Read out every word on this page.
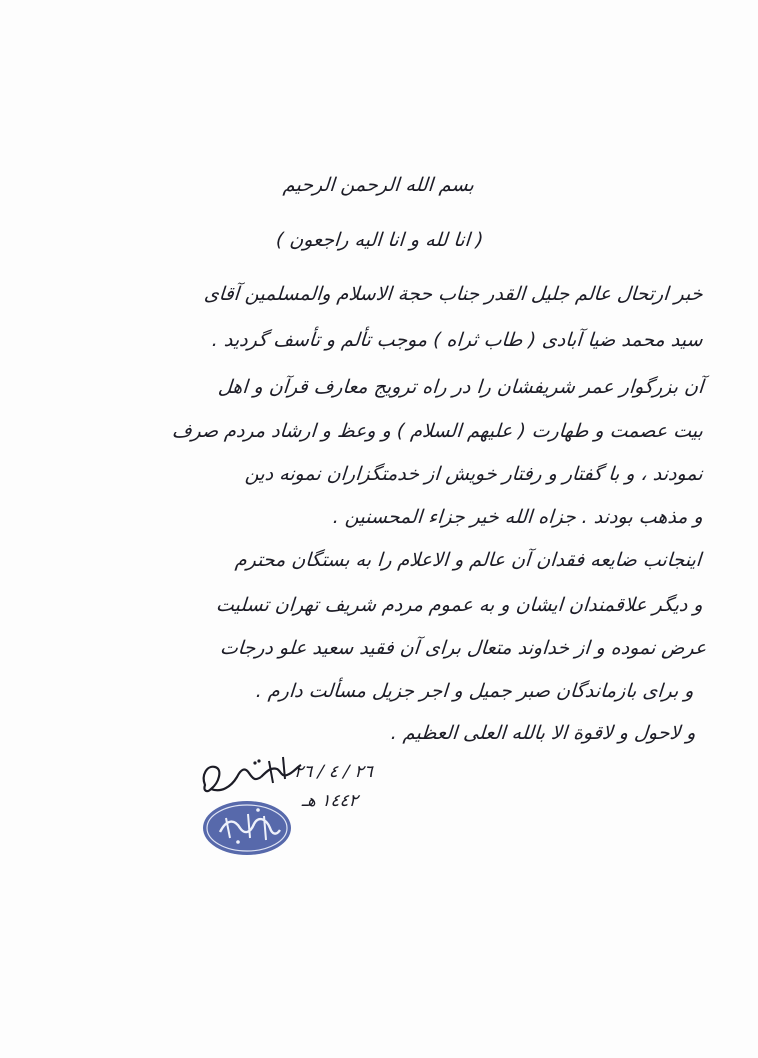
بسم الله الرحمن الرحیم
( انا لله و انا الیه راجعون )
خبر ارتحال عالم جلیل القدر جناب حجة الاسلام والمسلمین آقای
سید محمد ضیا آبادی ( طاب ثراه ) موجب تألم و تأسف گردید .
آن بزرگوار عمر شریفشان را در راه ترویج معارف قرآن و اهل
بیت عصمت و طهارت ( علیهم السلام ) و وعظ و ارشاد مردم صرف
نمودند ، و با گفتار و رفتار خویش از خدمتگزاران نمونه دین
و مذهب بودند . جزاه الله خیر جزاء المحسنین .
اینجانب ضایعه فقدان آن عالم و الاعلام را به بستگان محترم
و دیگر علاقمندان ایشان و به عموم مردم شریف تهران تسلیت
عرض نموده و از خداوند متعال برای آن فقید سعید علو درجات
و برای بازماندگان صبر جمیل و اجر جزیل مسألت دارم .
و لاحول و لاقوة الا بالله العلی العظیم .
٢٦ / ٤ / ٢٦
١٤٤٢ هـ
